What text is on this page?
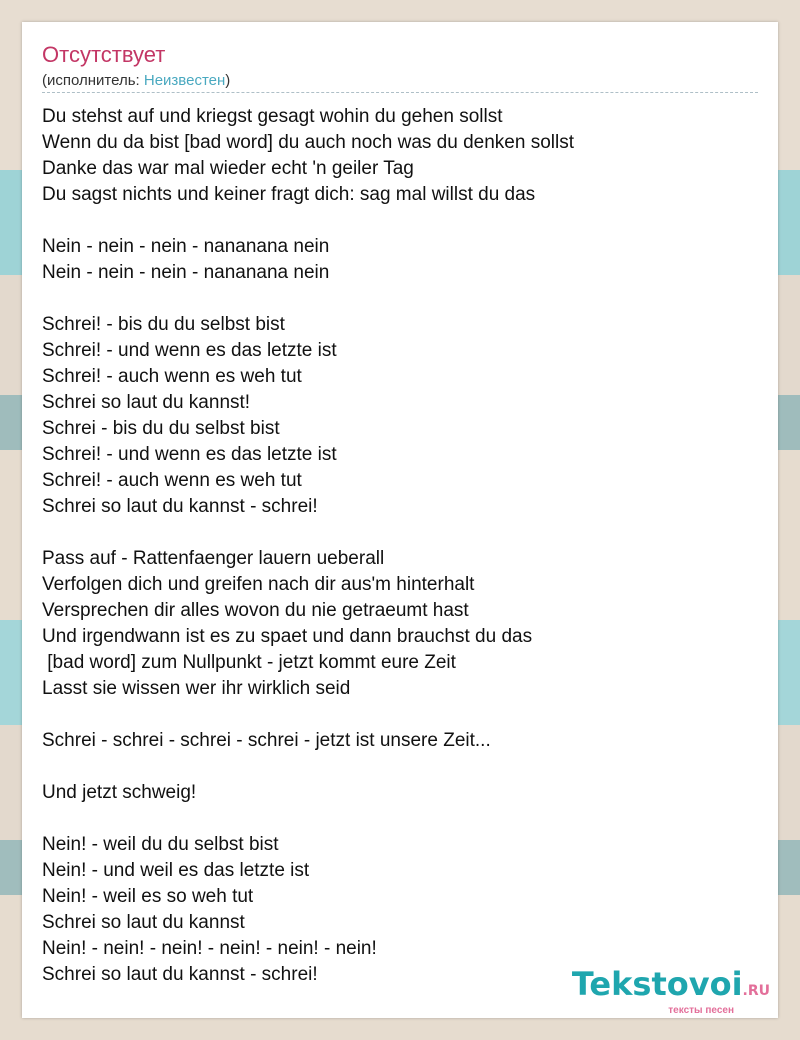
Отсутствует
(исполнитель: Неизвестен)
Du stehst auf und kriegst gesagt wohin du gehen sollst
Wenn du da bist [bad word] du auch noch was du denken sollst
Danke das war mal wieder echt 'n geiler Tag
Du sagst nichts und keiner fragt dich: sag mal willst du das
Nein - nein - nein - nananana nein
Nein - nein - nein - nananana nein
Schrei! - bis du du selbst bist
Schrei! - und wenn es das letzte ist
Schrei! - auch wenn es weh tut
Schrei so laut du kannst!
Schrei - bis du du selbst bist
Schrei! - und wenn es das letzte ist
Schrei! - auch wenn es weh tut
Schrei so laut du kannst - schrei!
Pass auf - Rattenfaenger lauern ueberall
Verfolgen dich und greifen nach dir aus'm hinterhalt
Versprechen dir alles wovon du nie getraeumt hast
Und irgendwann ist es zu spaet und dann brauchst du das
[bad word] zum Nullpunkt - jetzt kommt eure Zeit
Lasst sie wissen wer ihr wirklich seid
Schrei - schrei - schrei - schrei - jetzt ist unsere Zeit...
Und jetzt schweig!
Nein! - weil du du selbst bist
Nein! - und weil es das letzte ist
Nein! - weil es so weh tut
Schrei so laut du kannst
Nein! - nein! - nein! - nein! - nein! - nein!
Schrei so laut du kannst - schrei!	Tekstovoi.RU
тексты песен
